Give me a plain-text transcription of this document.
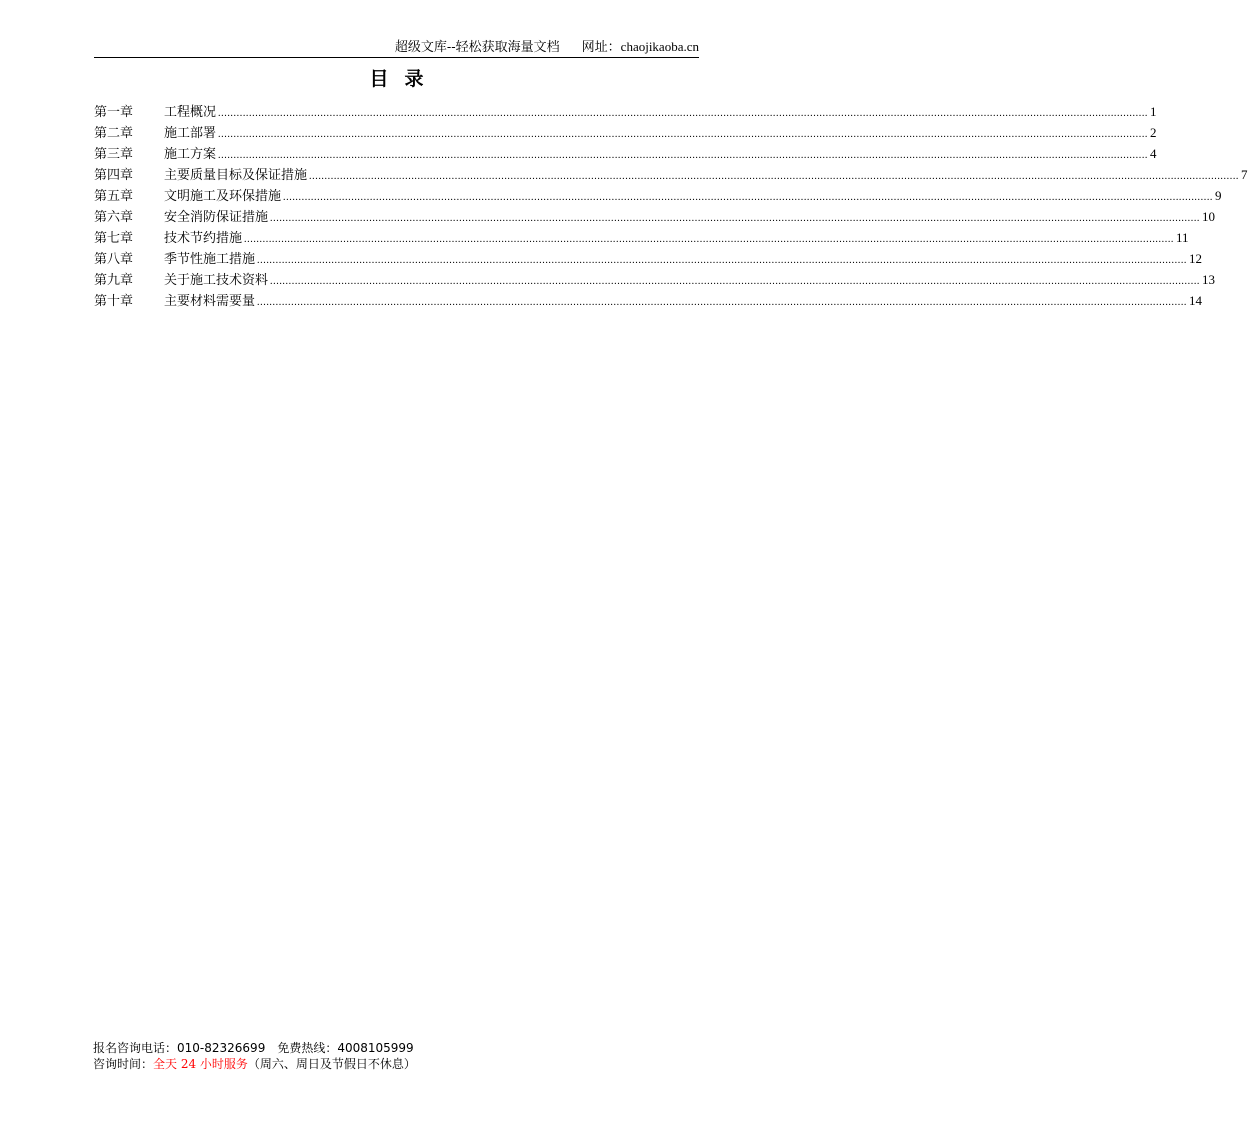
超级文库--轻松获取海量文档 网址：chaojikaoba.cn
目录
第一章	工程概况 ............................................................................................................................................................................................................................................................................................................ 1
第二章	施工部署 ............................................................................................................................................................................................................................................................................................................ 2
第三章	施工方案 ............................................................................................................................................................................................................................................................................................................ 4
第四章	主要质量目标及保证措施 ............................................................................................................................................................................................................................................................................................................ 7
第五章	文明施工及环保措施 ............................................................................................................................................................................................................................................................................................................ 9
第六章	安全消防保证措施 ............................................................................................................................................................................................................................................................................................................ 10
第七章	技术节约措施 ............................................................................................................................................................................................................................................................................................................ 11
第八章	季节性施工措施 ............................................................................................................................................................................................................................................................................................................ 12
第九章	关于施工技术资料 ............................................................................................................................................................................................................................................................................................................ 13
第十章	主要材料需要量 ............................................................................................................................................................................................................................................................................................................ 14
报名咨询电话：010-82326699 免费热线：4008105999
咨询时间：全天 24 小时服务（周六、周日及节假日不休息）
